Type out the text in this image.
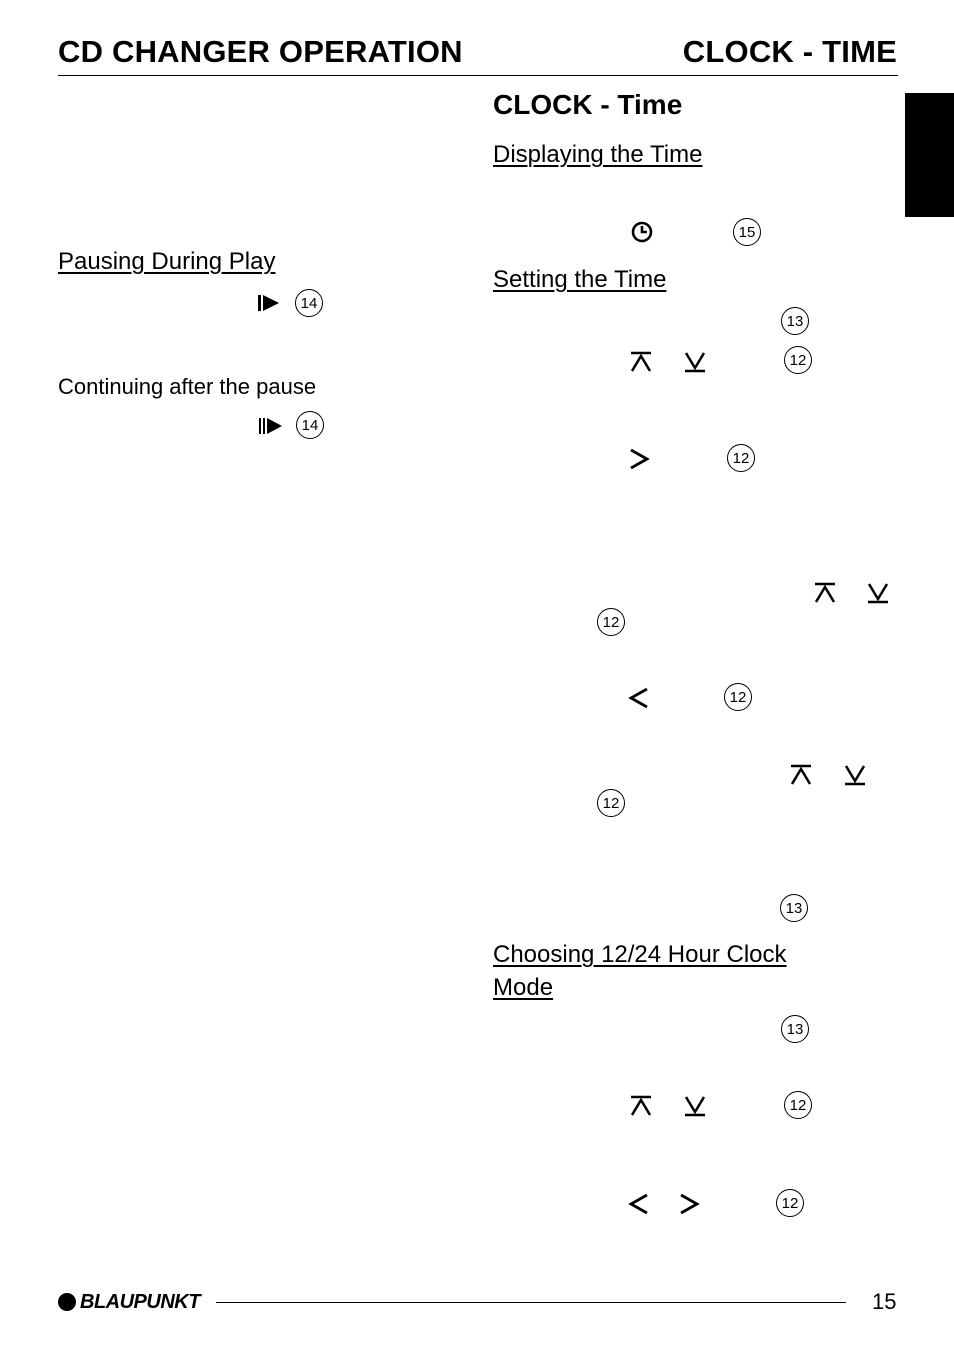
CD CHANGER OPERATION	CLOCK - TIME
Pausing During Play
14
Continuing after the pause
14
CLOCK - Time
Displaying the Time
15
Setting the Time
13
12
12
12
12
12
13
Choosing 12/24 Hour Clock
Mode
13
12
12
BLAUPUNKT	15
